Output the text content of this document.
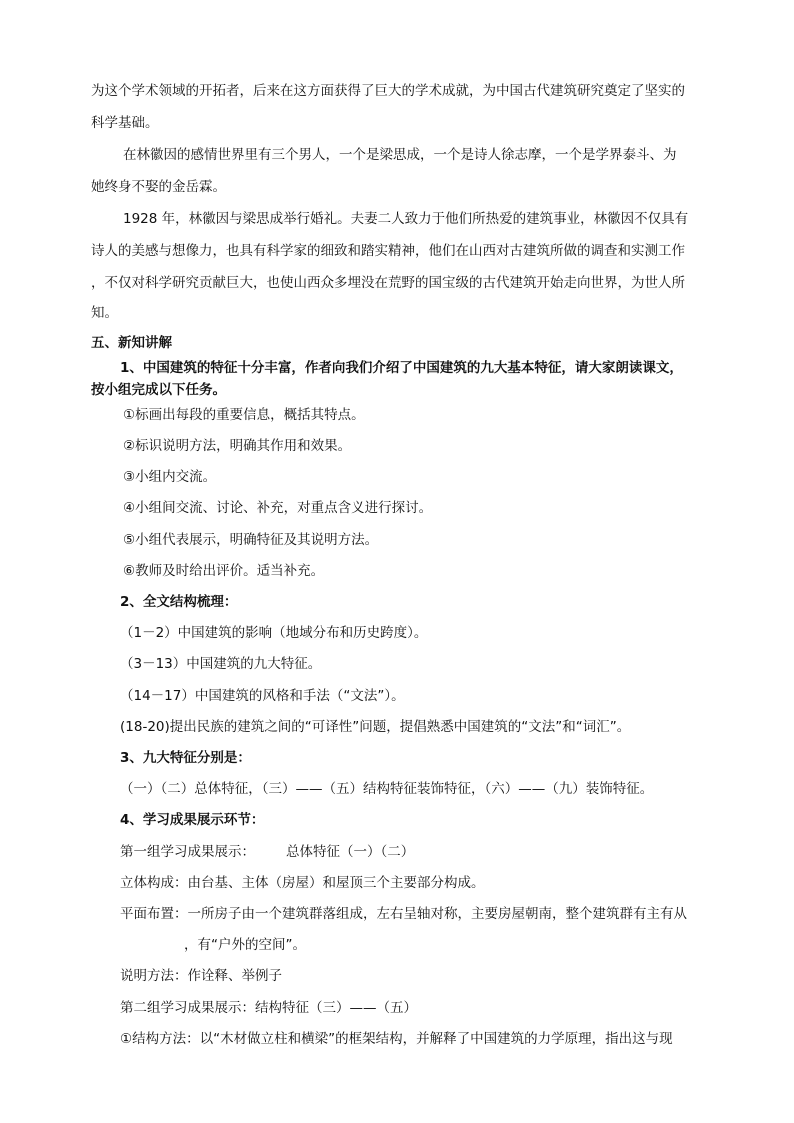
为这个学术领域的开拓者，后来在这方面获得了巨大的学术成就，为中国古代建筑研究奠定了坚实的
科学基础。
在林徽因的感情世界里有三个男人，一个是梁思成，一个是诗人徐志摩，一个是学界泰斗、为
她终身不娶的金岳霖。
1928 年，林徽因与梁思成举行婚礼。夫妻二人致力于他们所热爱的建筑事业，林徽因不仅具有
诗人的美感与想像力，也具有科学家的细致和踏实精神，他们在山西对古建筑所做的调查和实测工作
，不仅对科学研究贡献巨大，也使山西众多埋没在荒野的国宝级的古代建筑开始走向世界，为世人所
知。
五、新知讲解
1、中国建筑的特征十分丰富，作者向我们介绍了中国建筑的九大基本特征，请大家朗读课文，
按小组完成以下任务。
①标画出每段的重要信息，概括其特点。
②标识说明方法，明确其作用和效果。
③小组内交流。
④小组间交流、讨论、补充，对重点含义进行探讨。
⑤小组代表展示，明确特征及其说明方法。
⑥教师及时给出评价。适当补充。
2、全文结构梳理：
（1－2）中国建筑的影响（地域分布和历史跨度）。
（3－13）中国建筑的九大特征。
（14－17）中国建筑的风格和手法（“文法”）。
(18-20)提出民族的建筑之间的“可译性”问题，提倡熟悉中国建筑的“文法”和“词汇”。
3、九大特征分别是：
（一）（二）总体特征，（三）——（五）结构特征装饰特征，（六）——（九）装饰特征。
4、学习成果展示环节：
第一组学习成果展示： 总体特征（一）（二）
立体构成：由台基、主体（房屋）和屋顶三个主要部分构成。
平面布置：一所房子由一个建筑群落组成，左右呈轴对称，主要房屋朝南，整个建筑群有主有从
，有“户外的空间”。
说明方法：作诠释、举例子
第二组学习成果展示：结构特征（三）——（五）
①结构方法：以“木材做立柱和横梁”的框架结构，并解释了中国建筑的力学原理，指出这与现
